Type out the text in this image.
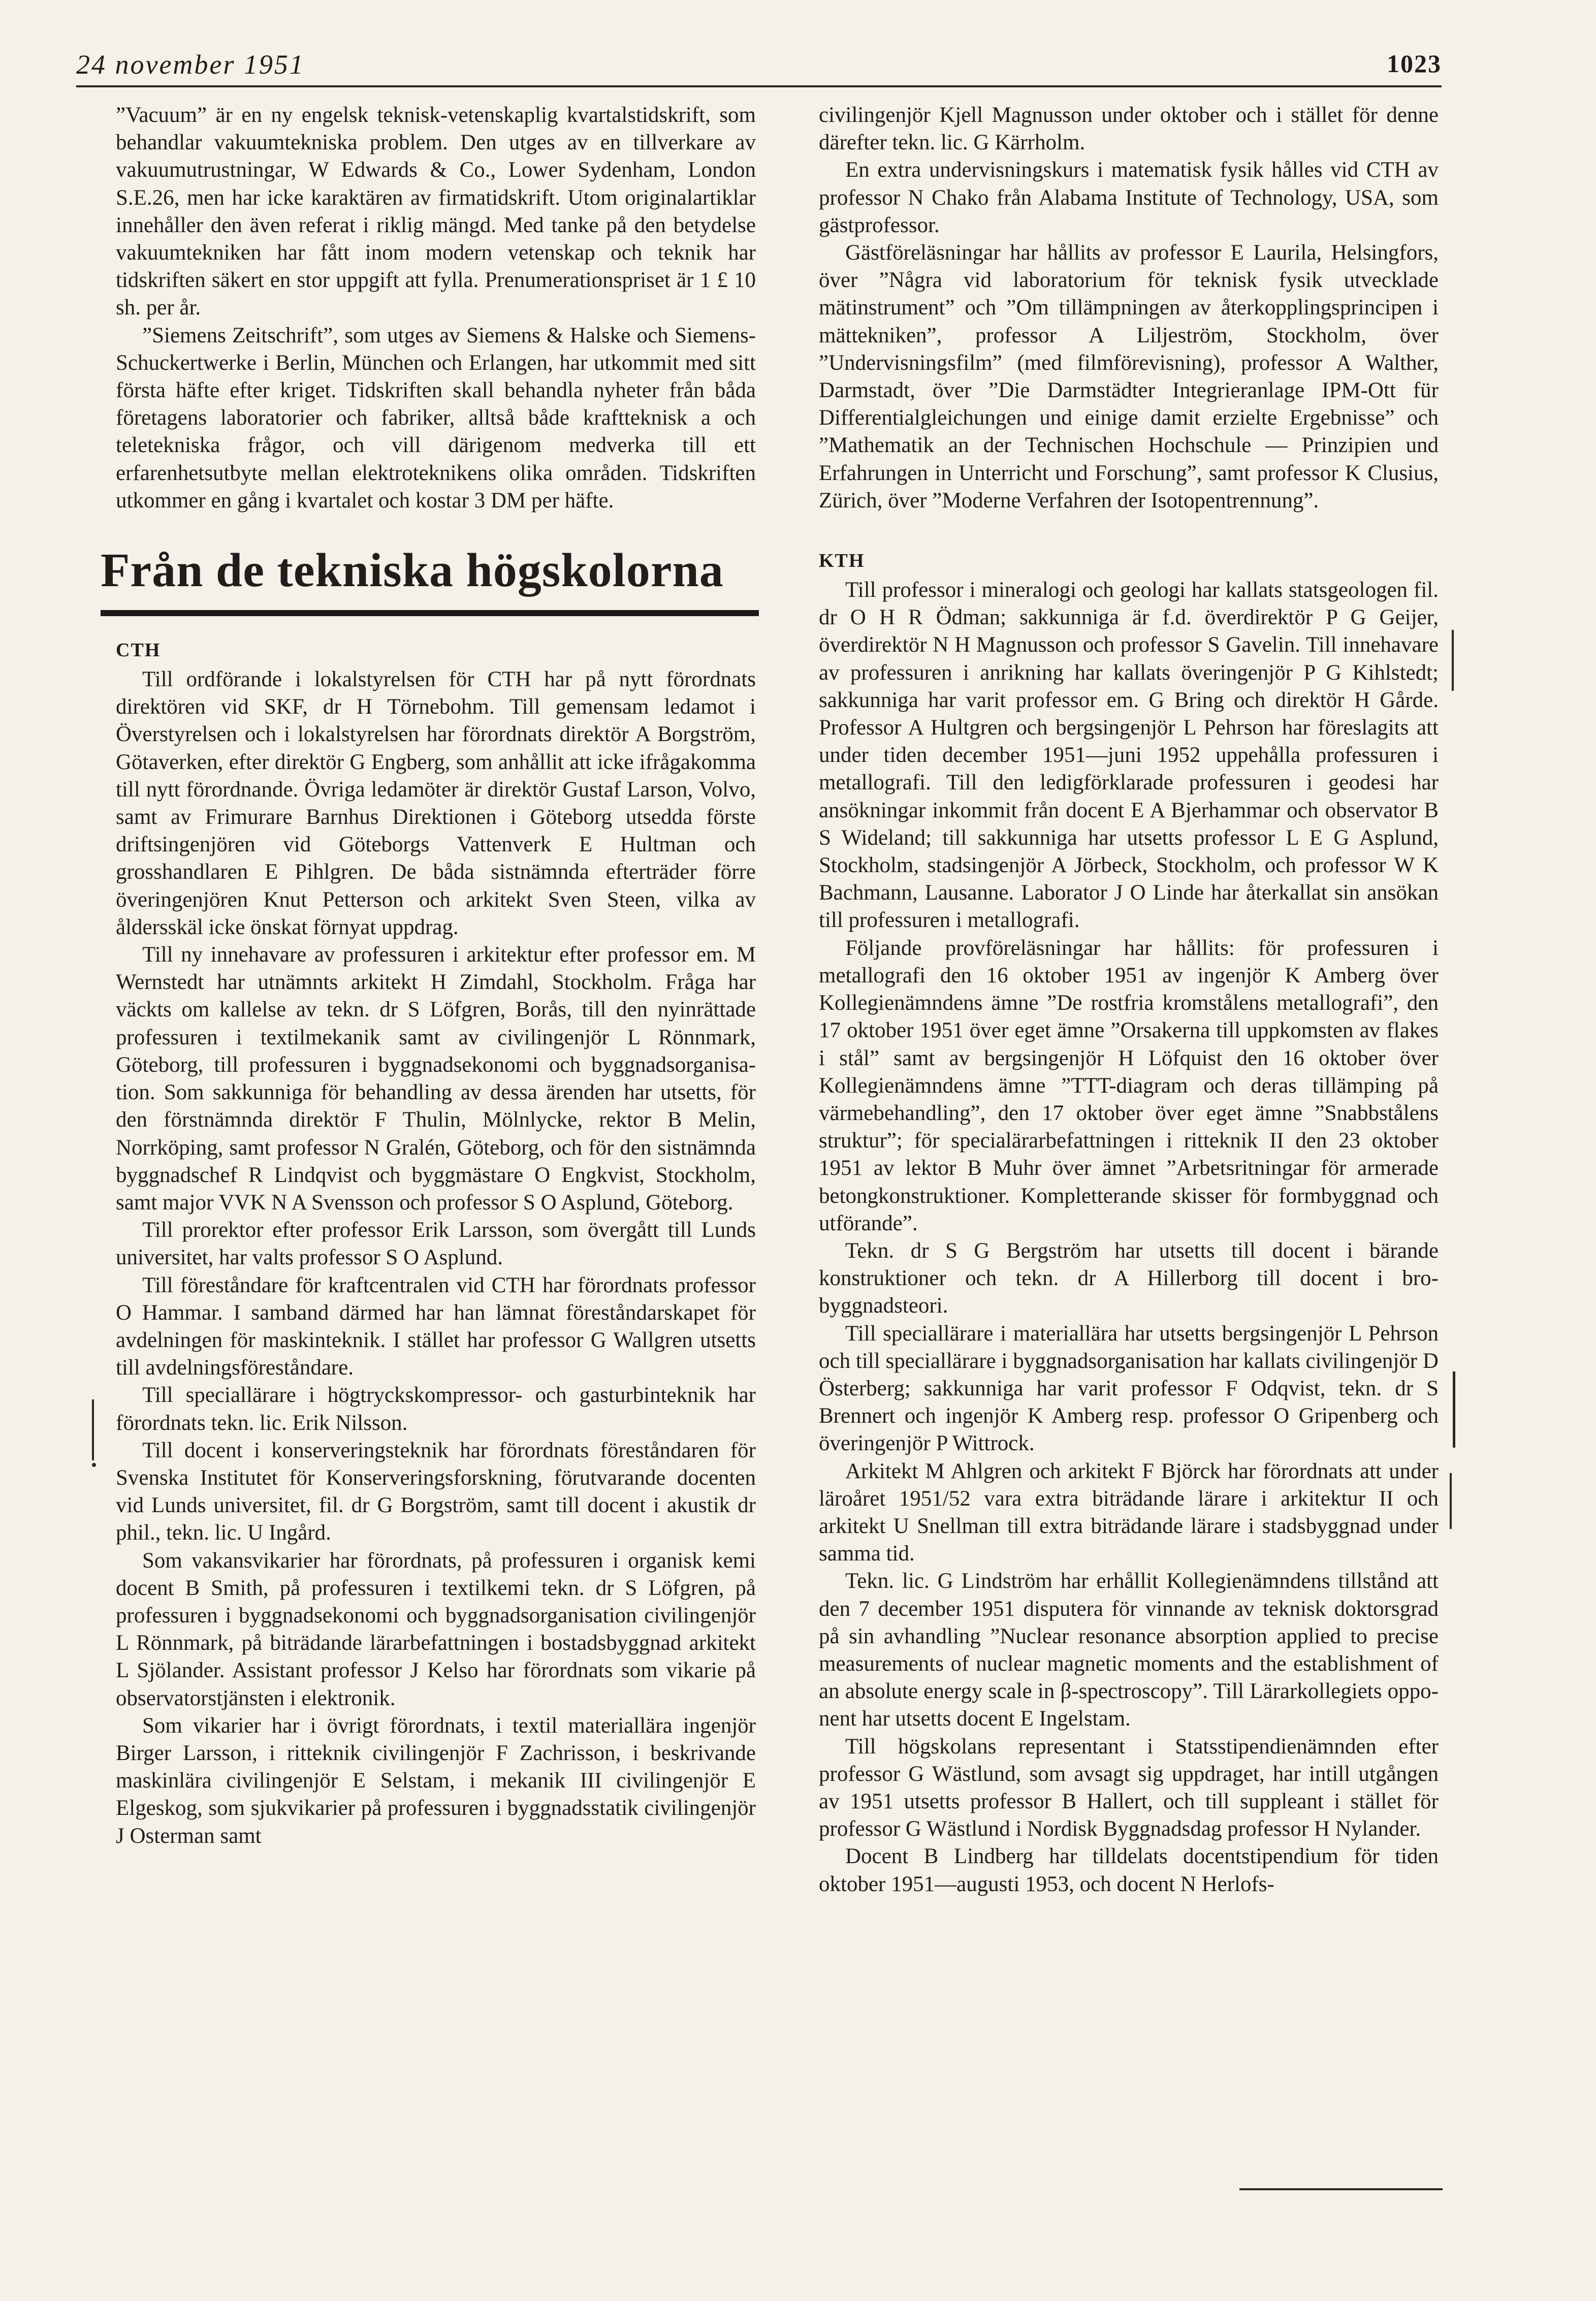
24 november 1951	1023

”Vacuum” är en ny engelsk teknisk-vetenskaplig kvartalstidskrift, som behandlar vakuumtekniska problem. Den utges av en tillverkare av vakuumutrustningar, W Edwards & Co., Lower Sydenham, London S.E.26, men har icke karaktären av firmatidskrift. Utom originalartiklar innehåller den även referat i riklig mängd. Med tanke på den betydelse vakuumtekniken har fått inom modern vetenskap och teknik har tidskriften säkert en stor uppgift att fylla. Prenumerationspriset är 1 £ 10 sh. per år.

”Siemens Zeitschrift”, som utges av Siemens & Halske och Siemens-Schuckertwerke i Berlin, München och Erlangen, har utkommit med sitt första häfte efter kriget. Tidskriften skall behandla nyheter från båda företagens laboratorier och fabriker, alltså både kraftteknisk a och teletekniska frågor, och vill därigenom medverka till ett erfarenhetsutbyte mellan elektroteknikens olika områden. Tidskriften utkommer en gång i kvartalet och kostar 3 DM per häfte.

Från de tekniska högskolorna
CTH

Till ordförande i lokalstyrelsen för CTH har på nytt förordnats direktören vid SKF, dr H Törnebohm. Till gemensam ledamot i Överstyrelsen och i lokalstyrelsen har förordnats direktör A Borgström, Götaverken, efter direktör G Engberg, som anhållit att icke ifrågakomma till nytt förordnande. Övriga ledamöter är direktör Gustaf Larson, Volvo, samt av Frimurare Barnhus Direktionen i Göteborg utsedda förste driftsingenjören vid Göteborgs Vattenverk E Hultman och grosshandlaren E Pihlgren. De båda sistnämnda efterträder förre överingenjören Knut Petterson och arkitekt Sven Steen, vilka av åldersskäl icke önskat förnyat uppdrag.

Till ny innehavare av professuren i arkitektur efter professor em. M Wernstedt har utnämnts arkitekt H Zimdahl, Stockholm. Fråga har väckts om kallelse av tekn. dr S Löfgren, Borås, till den nyinrättade professuren i textilmekanik samt av civilingenjör L Rönnmark, Göteborg, till professuren i byggnadsekonomi och byggnadsorganisation. Som sakkunniga för behandling av dessa ärenden har utsetts, för den förstnämnda direktör F Thulin, Mölnlycke, rektor B Melin, Norrköping, samt professor N Gralén, Göteborg, och för den sistnämnda byggnadschef R Lindqvist och byggmästare O Engkvist, Stockholm, samt major VVK N A Svensson och professor S O Asplund, Göteborg.

Till prorektor efter professor Erik Larsson, som övergått till Lunds universitet, har valts professor S O Asplund.

Till föreståndare för kraftcentralen vid CTH har förordnats professor O Hammar. I samband därmed har han lämnat föreståndarskapet för avdelningen för maskinteknik. I stället har professor G Wallgren utsetts till avdelningsföreståndare.

Till speciallärare i högtryckskompressor- och gasturbinteknik har förordnats tekn. lic. Erik Nilsson.

Till docent i konserveringsteknik har förordnats föreståndaren för Svenska Institutet för Konserveringsforskning, förutvarande docenten vid Lunds universitet, fil. dr G Borgström, samt till docent i akustik dr phil., tekn. lic. U Ingård.

Som vakansvikarier har förordnats, på professuren i organisk kemi docent B Smith, på professuren i textilkemi tekn. dr S Löfgren, på professuren i byggnadsekonomi och byggnadsorganisation civilingenjör L Rönnmark, på biträdande lärarbefattningen i bostadsbyggnad arkitekt L Sjölander. Assistant professor J Kelso har förordnats som vikarie på observatorstjänsten i elektronik.

Som vikarier har i övrigt förordnats, i textil materiallära ingenjör Birger Larsson, i ritteknik civilingenjör F Zachrisson, i beskrivande maskinlära civilingenjör E Selstam, i mekanik III civilingenjör E Elgeskog, som sjukvikarier på professuren i byggnadsstatik civilingenjör J Osterman samt

civilingenjör Kjell Magnusson under oktober och i stället för denne därefter tekn. lic. G Kärrholm.

En extra undervisningskurs i matematisk fysik hålles vid CTH av professor N Chako från Alabama Institute of Technology, USA, som gästprofessor.

Gästföreläsningar har hållits av professor E Laurila, Helsingfors, över ”Några vid laboratorium för teknisk fysik utvecklade mätinstrument” och ”Om tillämpningen av återkopplingsprincipen i mättekniken”, professor A Liljeström, Stockholm, över ”Undervisningsfilm” (med filmförevisning), professor A Walther, Darmstadt, över ”Die Darmstädter Integrieranlage IPM-Ott für Differentialgleichungen und einige damit erzielte Ergebnisse” och ”Mathematik an der Technischen Hochschule — Prinzipien und Erfahrungen in Unterricht und Forschung”, samt professor K Clusius, Zürich, över ”Moderne Verfahren der Isotopentrennung”.

KTH

Till professor i mineralogi och geologi har kallats statsgeologen fil. dr O H R Ödman; sakkunniga är f.d. överdirektör P G Geijer, överdirektör N H Magnusson och professor S Gavelin. Till innehavare av professuren i anrikning har kallats överingenjör P G Kihlstedt; sakkunniga har varit professor em. G Bring och direktör H Gårde. Professor A Hultgren och bergsingenjör L Pehrson har föreslagits att under tiden december 1951—juni 1952 uppehålla professuren i metallografi. Till den ledigförklarade professuren i geodesi har ansökningar inkommit från docent E A Bjerhammar och observator B S Wideland; till sakkunniga har utsetts professor L E G Asplund, Stockholm, stadsingenjör A Jörbeck, Stockholm, och professor W K Bachmann, Lausanne. Laborator J O Linde har återkallat sin ansökan till professuren i metallografi.

Följande provföreläsningar har hållits: för professuren i metallografi den 16 oktober 1951 av ingenjör K Amberg över Kollegienämndens ämne ”De rostfria kromstålens metallografi”, den 17 oktober 1951 över eget ämne ”Orsakerna till uppkomsten av flakes i stål” samt av bergsingenjör H Löfquist den 16 oktober över Kollegienämndens ämne ”TTT-diagram och deras tillämping på värmebehandling”, den 17 oktober över eget ämne ”Snabbstålens struktur”; för specialärarbefattningen i ritteknik II den 23 oktober 1951 av lektor B Muhr över ämnet ”Arbetsritningar för armerade betongkonstruktioner. Kompletterande skisser för formbyggnad och utförande”.

Tekn. dr S G Bergström har utsetts till docent i bärande konstruktioner och tekn. dr A Hillerborg till docent i brobyggnadsteori.

Till speciallärare i materiallära har utsetts bergsingenjör L Pehrson och till speciallärare i byggnadsorganisation har kallats civilingenjör D Österberg; sakkunniga har varit professor F Odqvist, tekn. dr S Brennert och ingenjör K Amberg resp. professor O Gripenberg och överingenjör P Wittrock.

Arkitekt M Ahlgren och arkitekt F Björck har förordnats att under läroåret 1951/52 vara extra biträdande lärare i arkitektur II och arkitekt U Snellman till extra biträdande lärare i stadsbyggnad under samma tid.

Tekn. lic. G Lindström har erhållit Kollegienämndens tillstånd att den 7 december 1951 disputera för vinnande av teknisk doktorsgrad på sin avhandling ”Nuclear resonance absorption applied to precise measurements of nuclear magnetic moments and the establishment of an absolute energy scale in β-spectroscopy”. Till Lärarkollegiets opponent har utsetts docent E Ingelstam.

Till högskolans representant i Statsstipendienämnden efter professor G Wästlund, som avsagt sig uppdraget, har intill utgången av 1951 utsetts professor B Hallert, och till suppleant i stället för professor G Wästlund i Nordisk Byggnadsdag professor H Nylander.

Docent B Lindberg har tilldelats docentstipendium för tiden oktober 1951—augusti 1953, och docent N Herlofs-
